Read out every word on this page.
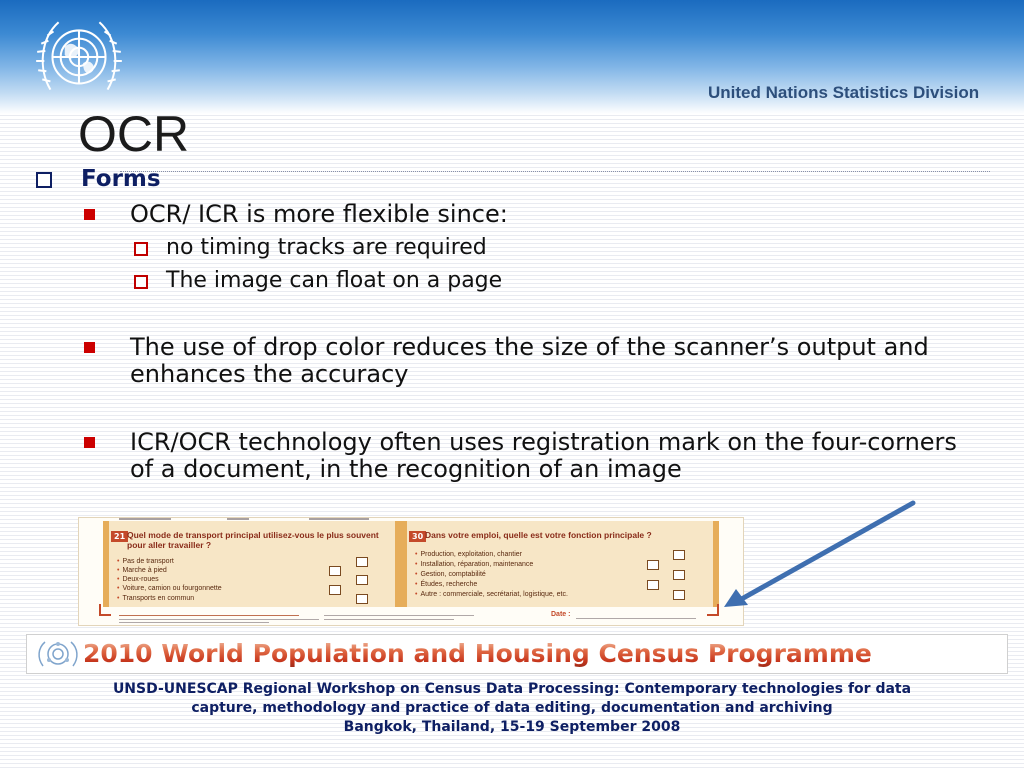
United Nations Statistics Division
OCR
Forms
OCR/ ICR is more flexible since:
no timing tracks are required
The image can float on a page
The use of drop color reduces the size of the scanner’s output and enhances the accuracy
ICR/OCR technology often uses registration mark on the four-corners of a document, in the recognition of an image
21 Quel mode de transport principal utilisez-vous le plus souvent pour aller travailler ?
• Pas de transport
• Marche à pied
• Deux-roues
• Voiture, camion ou fourgonnette
• Transports en commun
30 Dans votre emploi, quelle est votre fonction principale ?
• Production, exploitation, chantier
• Installation, réparation, maintenance
• Gestion, comptabilité
• Études, recherche
• Autre : commerciale, secrétariat, logistique, etc.
Date :
2010 World Population and Housing Census Programme
UNSD-UNESCAP Regional Workshop on Census Data Processing: Contemporary technologies for data
capture, methodology and practice of data editing, documentation and archiving
Bangkok, Thailand, 15-19 September 2008
